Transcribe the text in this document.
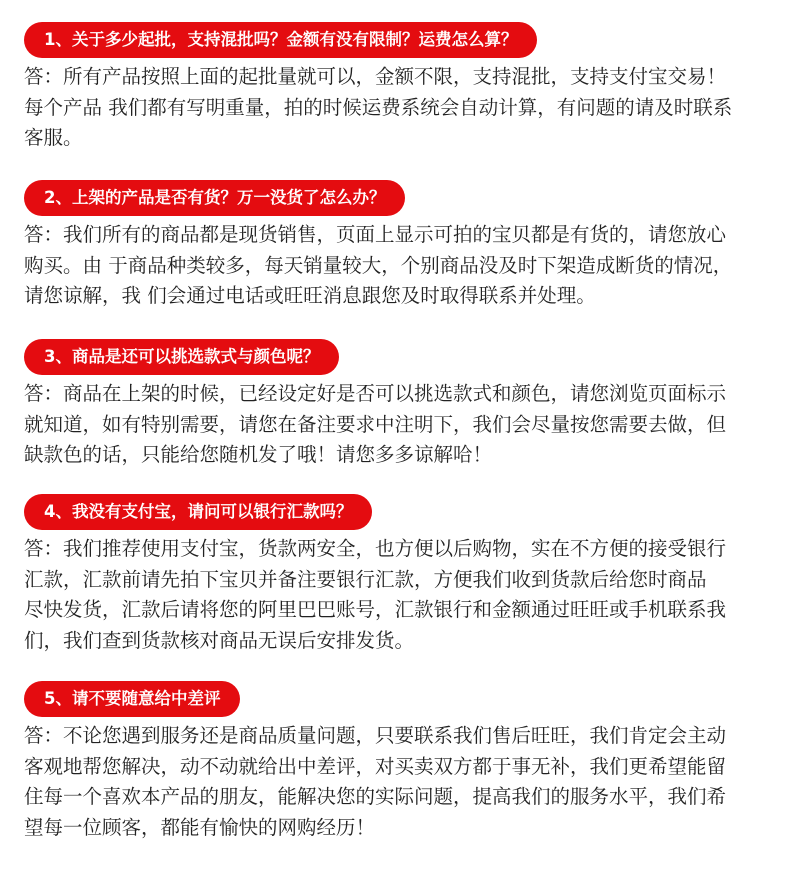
1、关于多少起批，支持混批吗？金额有没有限制？运费怎么算？
答：所有产品按照上面的起批量就可以，金额不限，支持混批，支持支付宝交易！
每个产品 我们都有写明重量，拍的时候运费系统会自动计算，有问题的请及时联系
客服。
2、上架的产品是否有货？万一没货了怎么办？
答：我们所有的商品都是现货销售，页面上显示可拍的宝贝都是有货的，请您放心
购买。由 于商品种类较多，每天销量较大，个别商品没及时下架造成断货的情况，
请您谅解，我 们会通过电话或旺旺消息跟您及时取得联系并处理。
3、商品是还可以挑选款式与颜色呢？
答：商品在上架的时候，已经设定好是否可以挑选款式和颜色，请您浏览页面标示
就知道，如有特别需要，请您在备注要求中注明下，我们会尽量按您需要去做，但
缺款色的话，只能给您随机发了哦！请您多多谅解哈！
4、我没有支付宝，请问可以银行汇款吗？
答：我们推荐使用支付宝，货款两安全，也方便以后购物，实在不方便的接受银行
汇款，汇款前请先拍下宝贝并备注要银行汇款，方便我们收到货款后给您时商品
尽快发货，汇款后请将您的阿里巴巴账号，汇款银行和金额通过旺旺或手机联系我
们，我们查到货款核对商品无误后安排发货。
5、请不要随意给中差评
答：不论您遇到服务还是商品质量问题，只要联系我们售后旺旺，我们肯定会主动
客观地帮您解决，动不动就给出中差评，对买卖双方都于事无补，我们更希望能留
住每一个喜欢本产品的朋友，能解决您的实际问题，提高我们的服务水平，我们希
望每一位顾客，都能有愉快的网购经历！
